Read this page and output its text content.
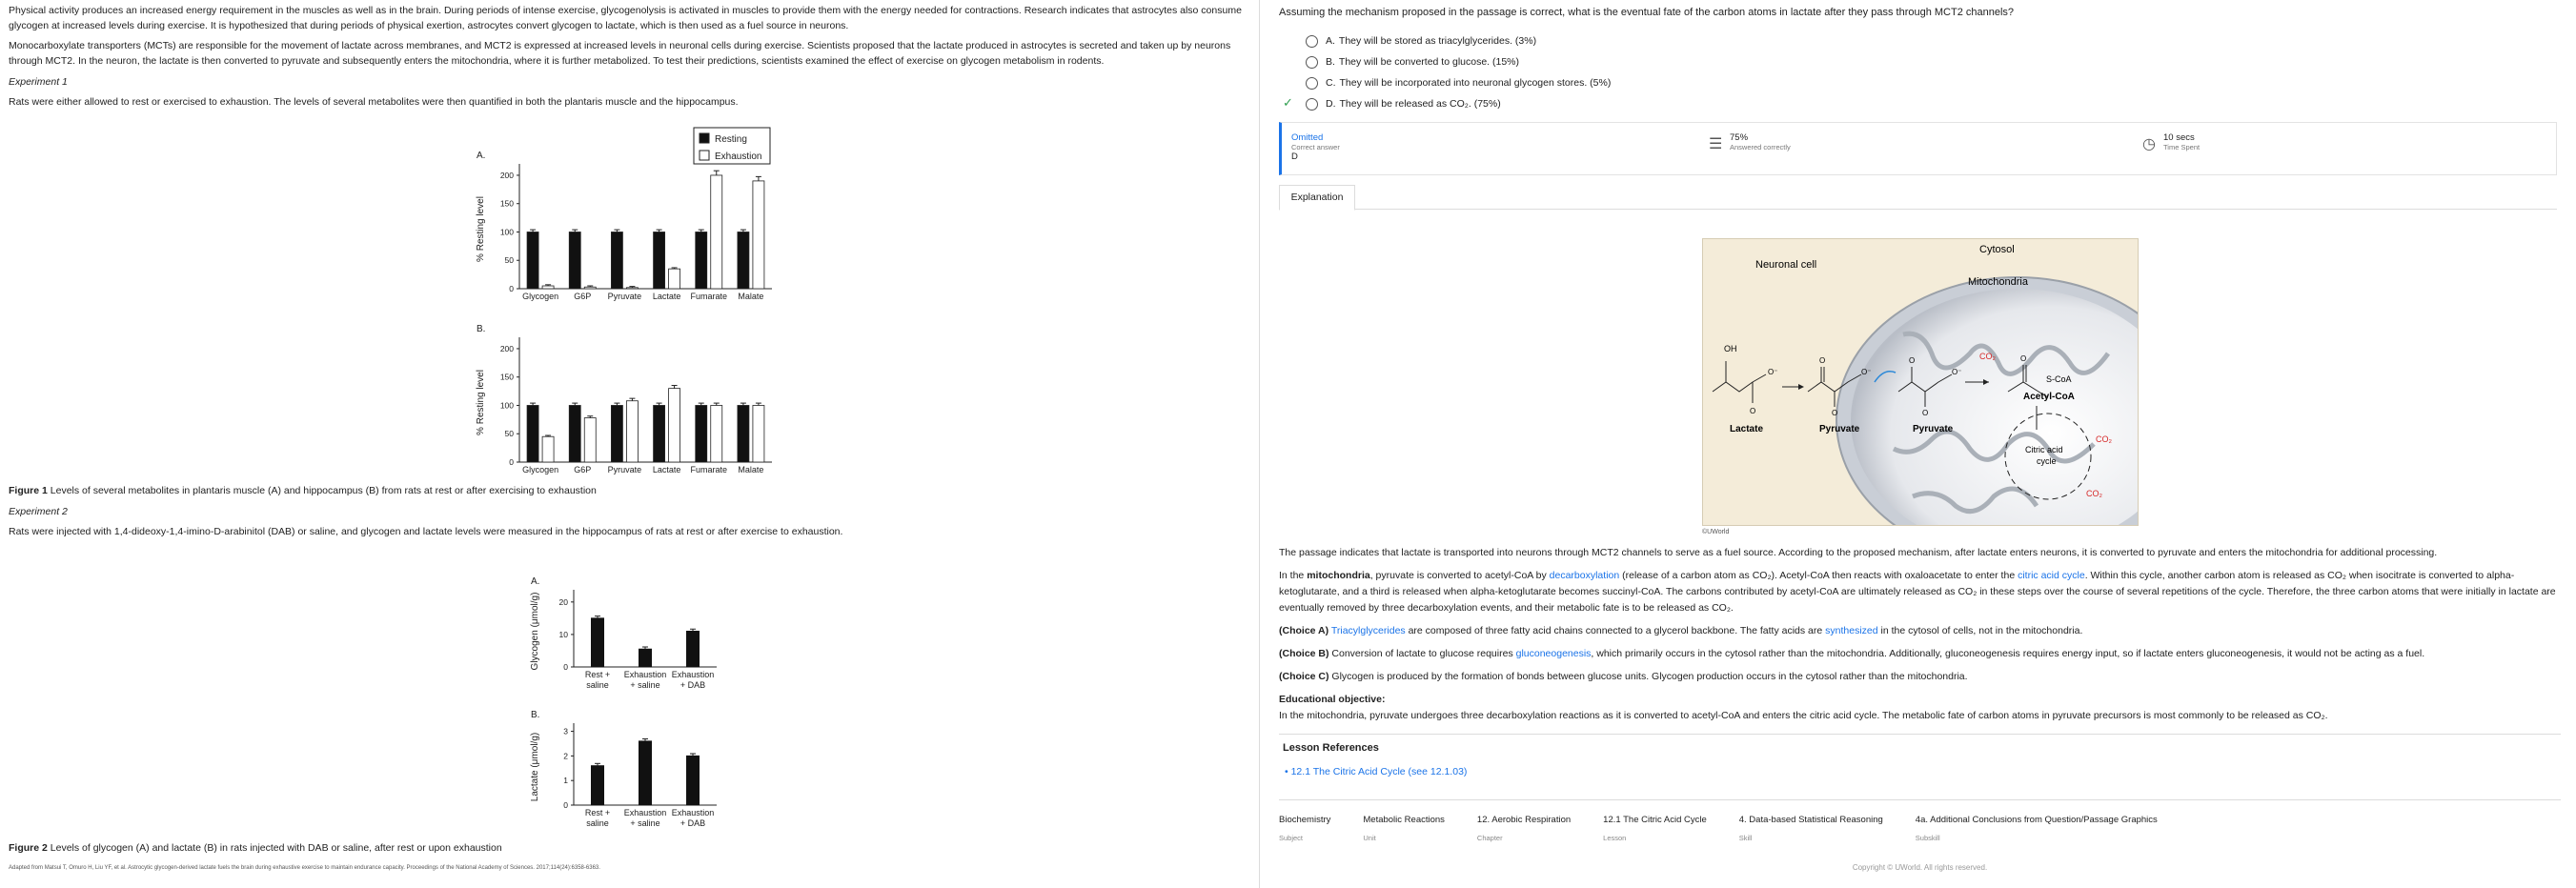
Physical activity produces an increased energy requirement in the muscles as well as in the brain. During periods of intense exercise, glycogenolysis is activated in muscles to provide them with the energy needed for contractions. Research indicates that astrocytes also consume glycogen at increased levels during exercise. It is hypothesized that during periods of physical exertion, astrocytes convert glycogen to lactate, which is then used as a fuel source in neurons.

Monocarboxylate transporters (MCTs) are responsible for the movement of lactate across membranes, and MCT2 is expressed at increased levels in neuronal cells during exercise. Scientists proposed that the lactate produced in astrocytes is secreted and taken up by neurons through MCT2. In the neuron, the lactate is then converted to pyruvate and subsequently enters the mitochondria, where it is further metabolized. To test their predictions, scientists examined the effect of exercise on glycogen metabolism in rodents.

Experiment 1

Rats were either allowed to rest or exercised to exhaustion. The levels of several metabolites were then quantified in both the plantaris muscle and the hippocampus.

A.
0
50
100
150
200
% Resting level
Glycogen G6P Pyruvate Lactate Fumarate Malate
Resting
Exhaustion
B.
0
50
100
150
200
% Resting level
Glycogen G6P Pyruvate Lactate Fumarate Malate
Figure 1 Levels of several metabolites in plantaris muscle (A) and hippocampus (B) from rats at rest or after exercising to exhaustion
Experiment 2

Rats were injected with 1,4-dideoxy-1,4-imino-D-arabinitol (DAB) or saline, and glycogen and lactate levels were measured in the hippocampus of rats at rest or after exercise to exhaustion.

A.
0
10
20
Glycogen (μmol/g)
Rest +
saline
Exhaustion
+ saline
Exhaustion
+ DAB
B.
0
1
2
3
Lactate (μmol/g)
Rest +
saline
Exhaustion
+ saline
Exhaustion
+ DAB
Figure 2 Levels of glycogen (A) and lactate (B) in rats injected with DAB or saline, after rest or upon exhaustion
Adapted from Matsui T, Omuro H, Liu YF, et al. Astrocytic glycogen-derived lactate fuels the brain during exhaustive exercise to maintain endurance capacity. Proceedings of the National Academy of Sciences. 2017;114(24):6358-6363.
Assuming the mechanism proposed in the passage is correct, what is the eventual fate of the carbon atoms in lactate after they pass through MCT2 channels?
A. They will be stored as triacylglycerides. (3%)
B. They will be converted to glucose. (15%)
C. They will be incorporated into neuronal glycogen stores. (5%)
✓	D. They will be released as CO₂. (75%)
Omitted
Correct answer
D
☰ 75%
Answered correctly	◷ 10 secs
Time Spent
Explanation
Cytosol
Neuronal cell
Mitochondria
OH
O⁻
O
Lactate
O
O⁻
O
Pyruvate
O
O⁻
O
Pyruvate
CO₂	O
S-CoA
Acetyl-CoA
Citric acid
cycle
CO₂
CO₂
©UWorld

The passage indicates that lactate is transported into neurons through MCT2 channels to serve as a fuel source. According to the proposed mechanism, after lactate enters neurons, it is converted to pyruvate and enters the mitochondria for additional processing.

In the mitochondria, pyruvate is converted to acetyl-CoA by decarboxylation (release of a carbon atom as CO₂). Acetyl-CoA then reacts with oxaloacetate to enter the citric acid cycle. Within this cycle, another carbon atom is released as CO₂ when isocitrate is converted to alpha-ketoglutarate, and a third is released when alpha-ketoglutarate becomes succinyl-CoA. The carbons contributed by acetyl-CoA are ultimately released as CO₂ in these steps over the course of several repetitions of the cycle. Therefore, the three carbon atoms that were initially in lactate are eventually removed by three decarboxylation events, and their metabolic fate is to be released as CO₂.

(Choice A) Triacylglycerides are composed of three fatty acid chains connected to a glycerol backbone. The fatty acids are synthesized in the cytosol of cells, not in the mitochondria.

(Choice B) Conversion of lactate to glucose requires gluconeogenesis, which primarily occurs in the cytosol rather than the mitochondria. Additionally, gluconeogenesis requires energy input, so if lactate enters gluconeogenesis, it would not be acting as a fuel.

(Choice C) Glycogen is produced by the formation of bonds between glucose units. Glycogen production occurs in the cytosol rather than the mitochondria.

Educational objective:

In the mitochondria, pyruvate undergoes three decarboxylation reactions as it is converted to acetyl-CoA and enters the citric acid cycle. The metabolic fate of carbon atoms in pyruvate precursors is most commonly to be released as CO₂.

Lesson References
• 12.1 The Citric Acid Cycle (see 12.1.03)
Biochemistry
Subject
Metabolic Reactions
Unit
12. Aerobic Respiration
Chapter
12.1 The Citric Acid Cycle
Lesson
4. Data-based Statistical Reasoning
Skill
4a. Additional Conclusions from Question/Passage Graphics
Subskill
Copyright © UWorld. All rights reserved.
